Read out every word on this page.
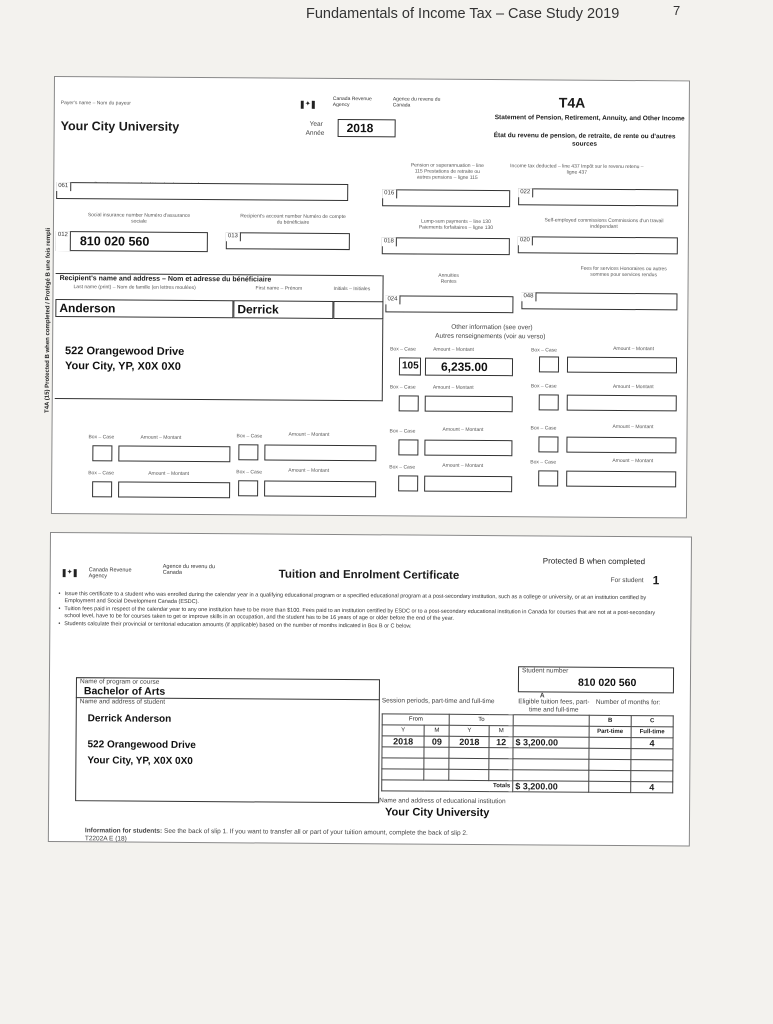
Fundamentals of Income Tax – Case Study 2019	7
Payer's name – Nom du payeur
Your City University
✦
Canada Revenue Agency
Agence du revenu du Canada
Year
Année 2018
T4A
Statement of Pension, Retirement, Annuity, and Other Income
État du revenu de pension, de retraite, de rente ou d'autres sources
Pension or superannuation – line 115 Prestations de retraite ou autres pensions – ligne 115
Income tax deducted – line 437 Impôt sur le revenu retenu – ligne 437
061
016	022
Social insurance number Numéro d'assurance sociale
Recipient's account number Numéro de compte du bénéficiaire	Lump-sum payments – line 130 Paiements forfaitaires – ligne 130
Self-employed commissions Commissions d'un travail indépendant
012 810 020 560	013
018	020
Recipient's name and address – Nom et adresse du bénéficiaire
Last name (print) – Nom de famille (en lettres moulées)	First name – Prénom	Initials – Initiales
Anderson	Derrick
522 Orangewood Drive
Your City, YP, X0X 0X0
Annuities Rentes
Fees for services Honoraires ou autres sommes pour services rendus
024
048
Other information (see over)
Autres renseignements (voir au verso)
Box – Case	Amount – Montant	Box – Case	Amount – Montant
105 6,235.00
Box – Case	Amount – Montant	Box – Case	Amount – Montant
Box – Case	Amount – Montant	Box – Case	Amount – Montant
Box – Case	Amount – Montant	Box – Case	Amount – Montant
Box – Case	Amount – Montant	Box – Case	Amount – Montant
Box – Case	Amount – Montant
Box – Case	Amount – Montant
T4A (15) Protected B when completed / Protégé B une fois rempli
✦	Canada Revenue Agency
Agence du revenu du Canada	Tuition and Enrolment Certificate
Protected B when completed
For student 1
• Issue this certificate to a student who was enrolled during the calendar year in a qualifying educational program or a specified educational program at a post-secondary institution, such as a college or university, or at an institution certified by Employment and Social Development Canada (ESDC).
• Tuition fees paid in respect of the calendar year to any one institution have to be more than $100. Fees paid to an institution certified by ESDC or to a post-secondary educational institution in Canada for courses that are not at a post-secondary school level, have to be for courses taken to get or improve skills in an occupation, and the student has to be 16 years of age or older before the end of the year.
• Students calculate their provincial or territorial education amounts (if applicable) based on the number of months indicated in Box B or C below.
Student number
810 020 560
Name of program or course
Bachelor of Arts
Name and address of student
Derrick Anderson
522 Orangewood Drive
Your City, YP, X0X 0X0
Session periods, part-time and full-time
A
Eligible tuition fees, part-time and full-time
Number of months for:
From		To			B	C
Y	M	Y	M		Part-time	Full-time
2018	09	2018	12	$ 3,200.00		4

Totals				$ 3,200.00		4
Name and address of educational institution
Your City University
Information for students: See the back of slip 1. If you want to transfer all or part of your tuition amount, complete the back of slip 2.
T2202A E (18)
